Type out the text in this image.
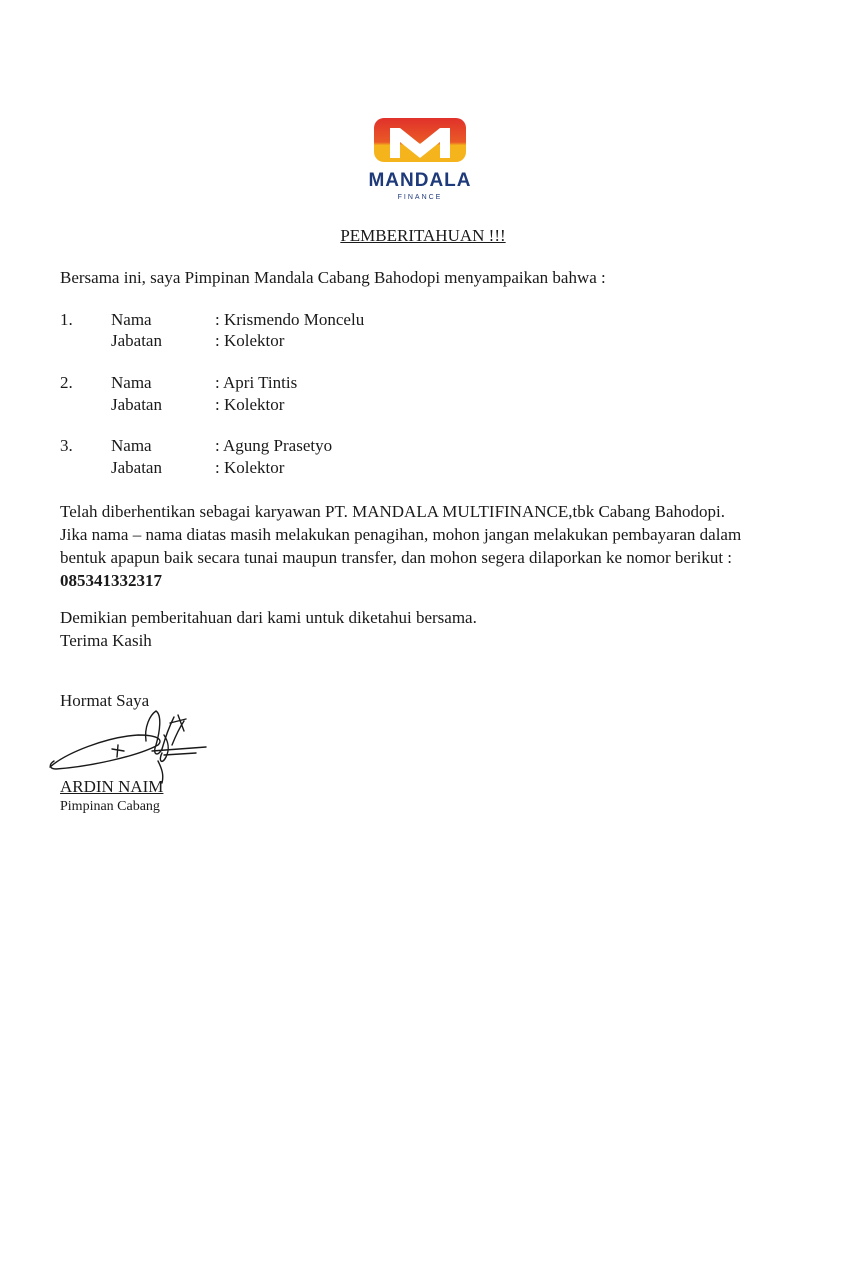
MANDALA
FINANCE
PEMBERITAHUAN !!!
Bersama ini, saya Pimpinan Mandala Cabang Bahodopi menyampaikan bahwa :
1. Nama	: Krismendo Moncelu
Jabatan	: Kolektor
2. Nama	: Apri Tintis
Jabatan	: Kolektor
3. Nama	: Agung Prasetyo
Jabatan	: Kolektor
Telah diberhentikan sebagai karyawan PT. MANDALA MULTIFINANCE,tbk Cabang Bahodopi.
Jika nama – nama diatas masih melakukan penagihan, mohon jangan melakukan pembayaran dalam
bentuk apapun baik secara tunai maupun transfer, dan mohon segera dilaporkan ke nomor berikut :
085341332317
Demikian pemberitahuan dari kami untuk diketahui bersama.
Terima Kasih
Hormat Saya
ARDIN NAIM
Pimpinan Cabang
